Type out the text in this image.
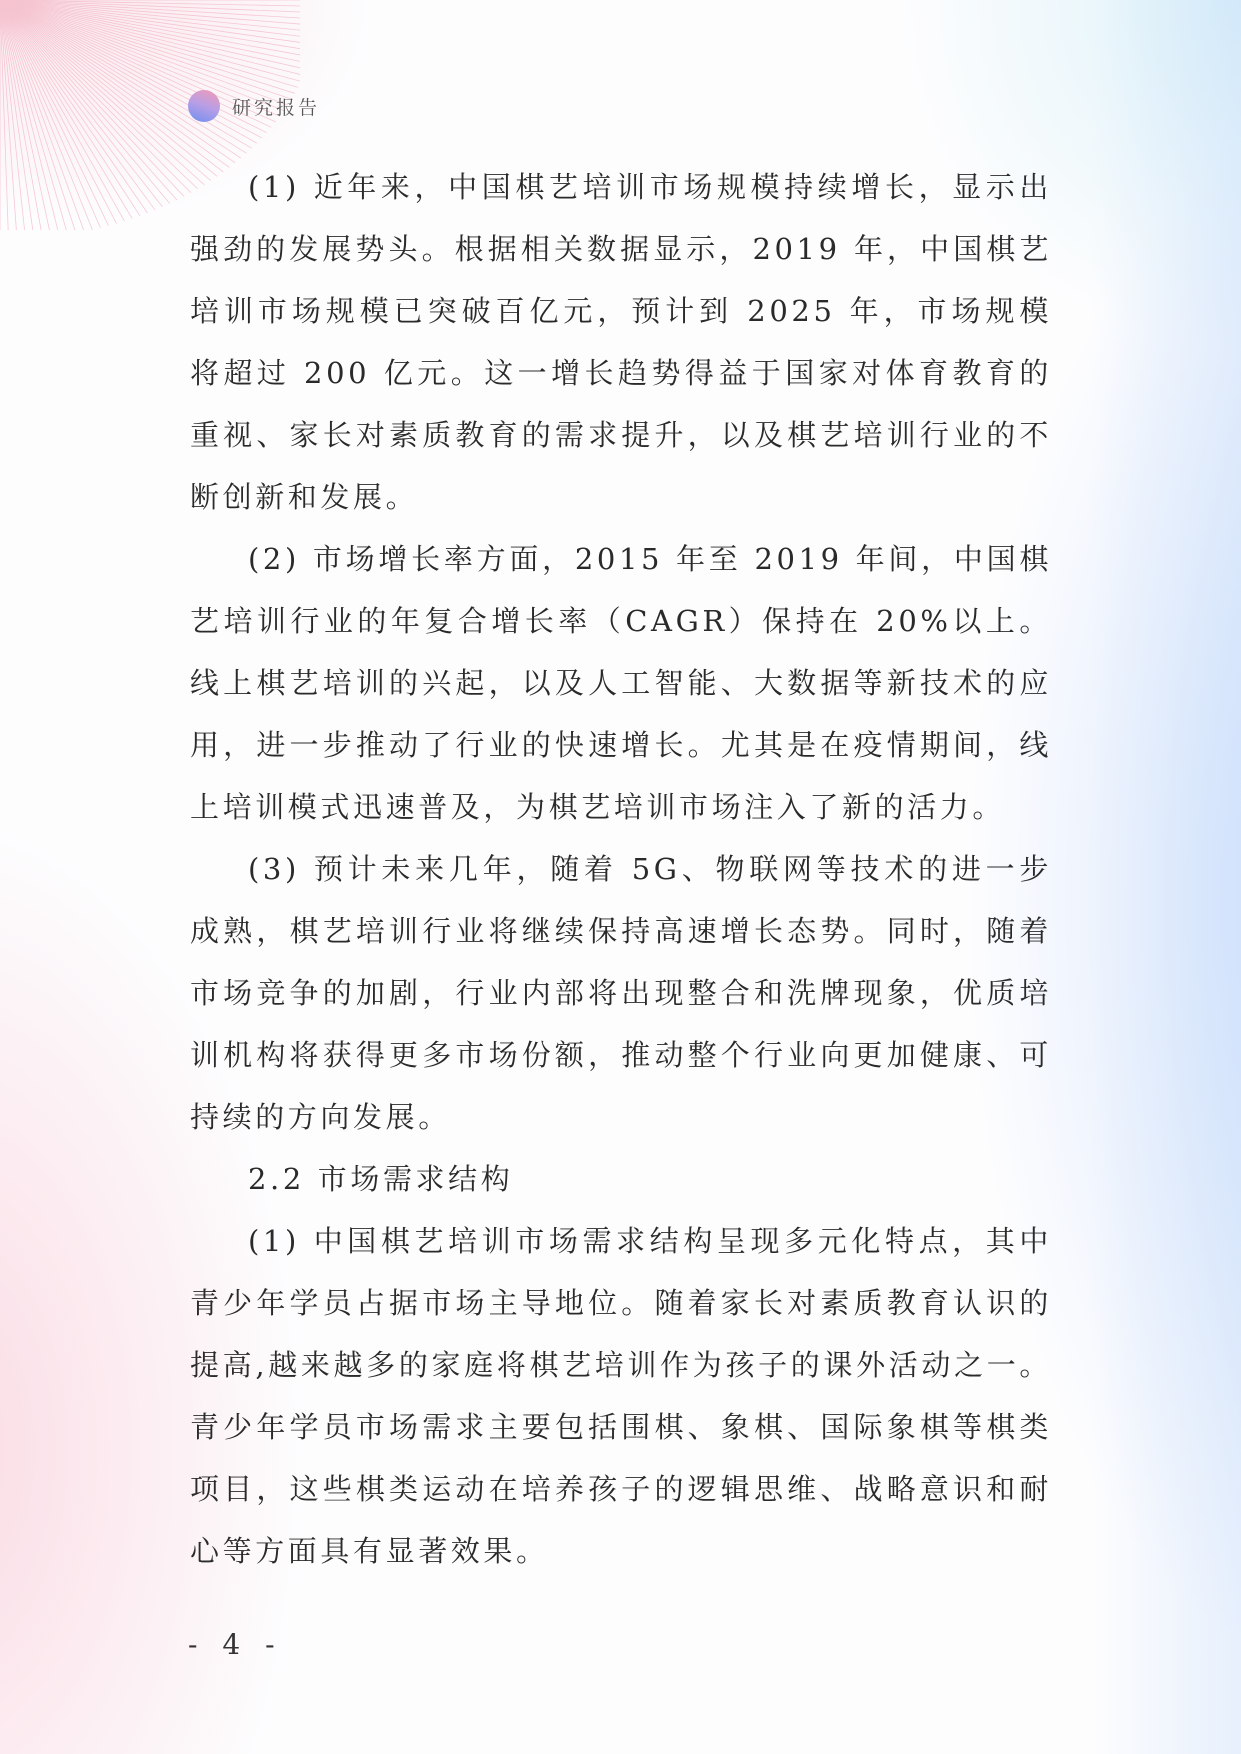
研究报告

(1) 近年来，中国棋艺培训市场规模持续增长，显示出强劲的发展势头。根据相关数据显示，2019 年，中国棋艺培训市场规模已突破百亿元，预计到 2025 年，市场规模将超过 200 亿元。这一增长趋势得益于国家对体育教育的重视、家长对素质教育的需求提升，以及棋艺培训行业的不断创新和发展。

(2) 市场增长率方面，2015 年至 2019 年间，中国棋艺培训行业的年复合增长率（CAGR）保持在 20%以上。线上棋艺培训的兴起，以及人工智能、大数据等新技术的应用，进一步推动了行业的快速增长。尤其是在疫情期间，线上培训模式迅速普及，为棋艺培训市场注入了新的活力。

(3) 预计未来几年，随着 5G、物联网等技术的进一步成熟，棋艺培训行业将继续保持高速增长态势。同时，随着市场竞争的加剧，行业内部将出现整合和洗牌现象，优质培训机构将获得更多市场份额，推动整个行业向更加健康、可持续的方向发展。

2.2 市场需求结构

(1) 中国棋艺培训市场需求结构呈现多元化特点，其中青少年学员占据市场主导地位。随着家长对素质教育认识的提高,越来越多的家庭将棋艺培训作为孩子的课外活动之一。青少年学员市场需求主要包括围棋、象棋、国际象棋等棋类项目，这些棋类运动在培养孩子的逻辑思维、战略意识和耐心等方面具有显著效果。

- 4 -
